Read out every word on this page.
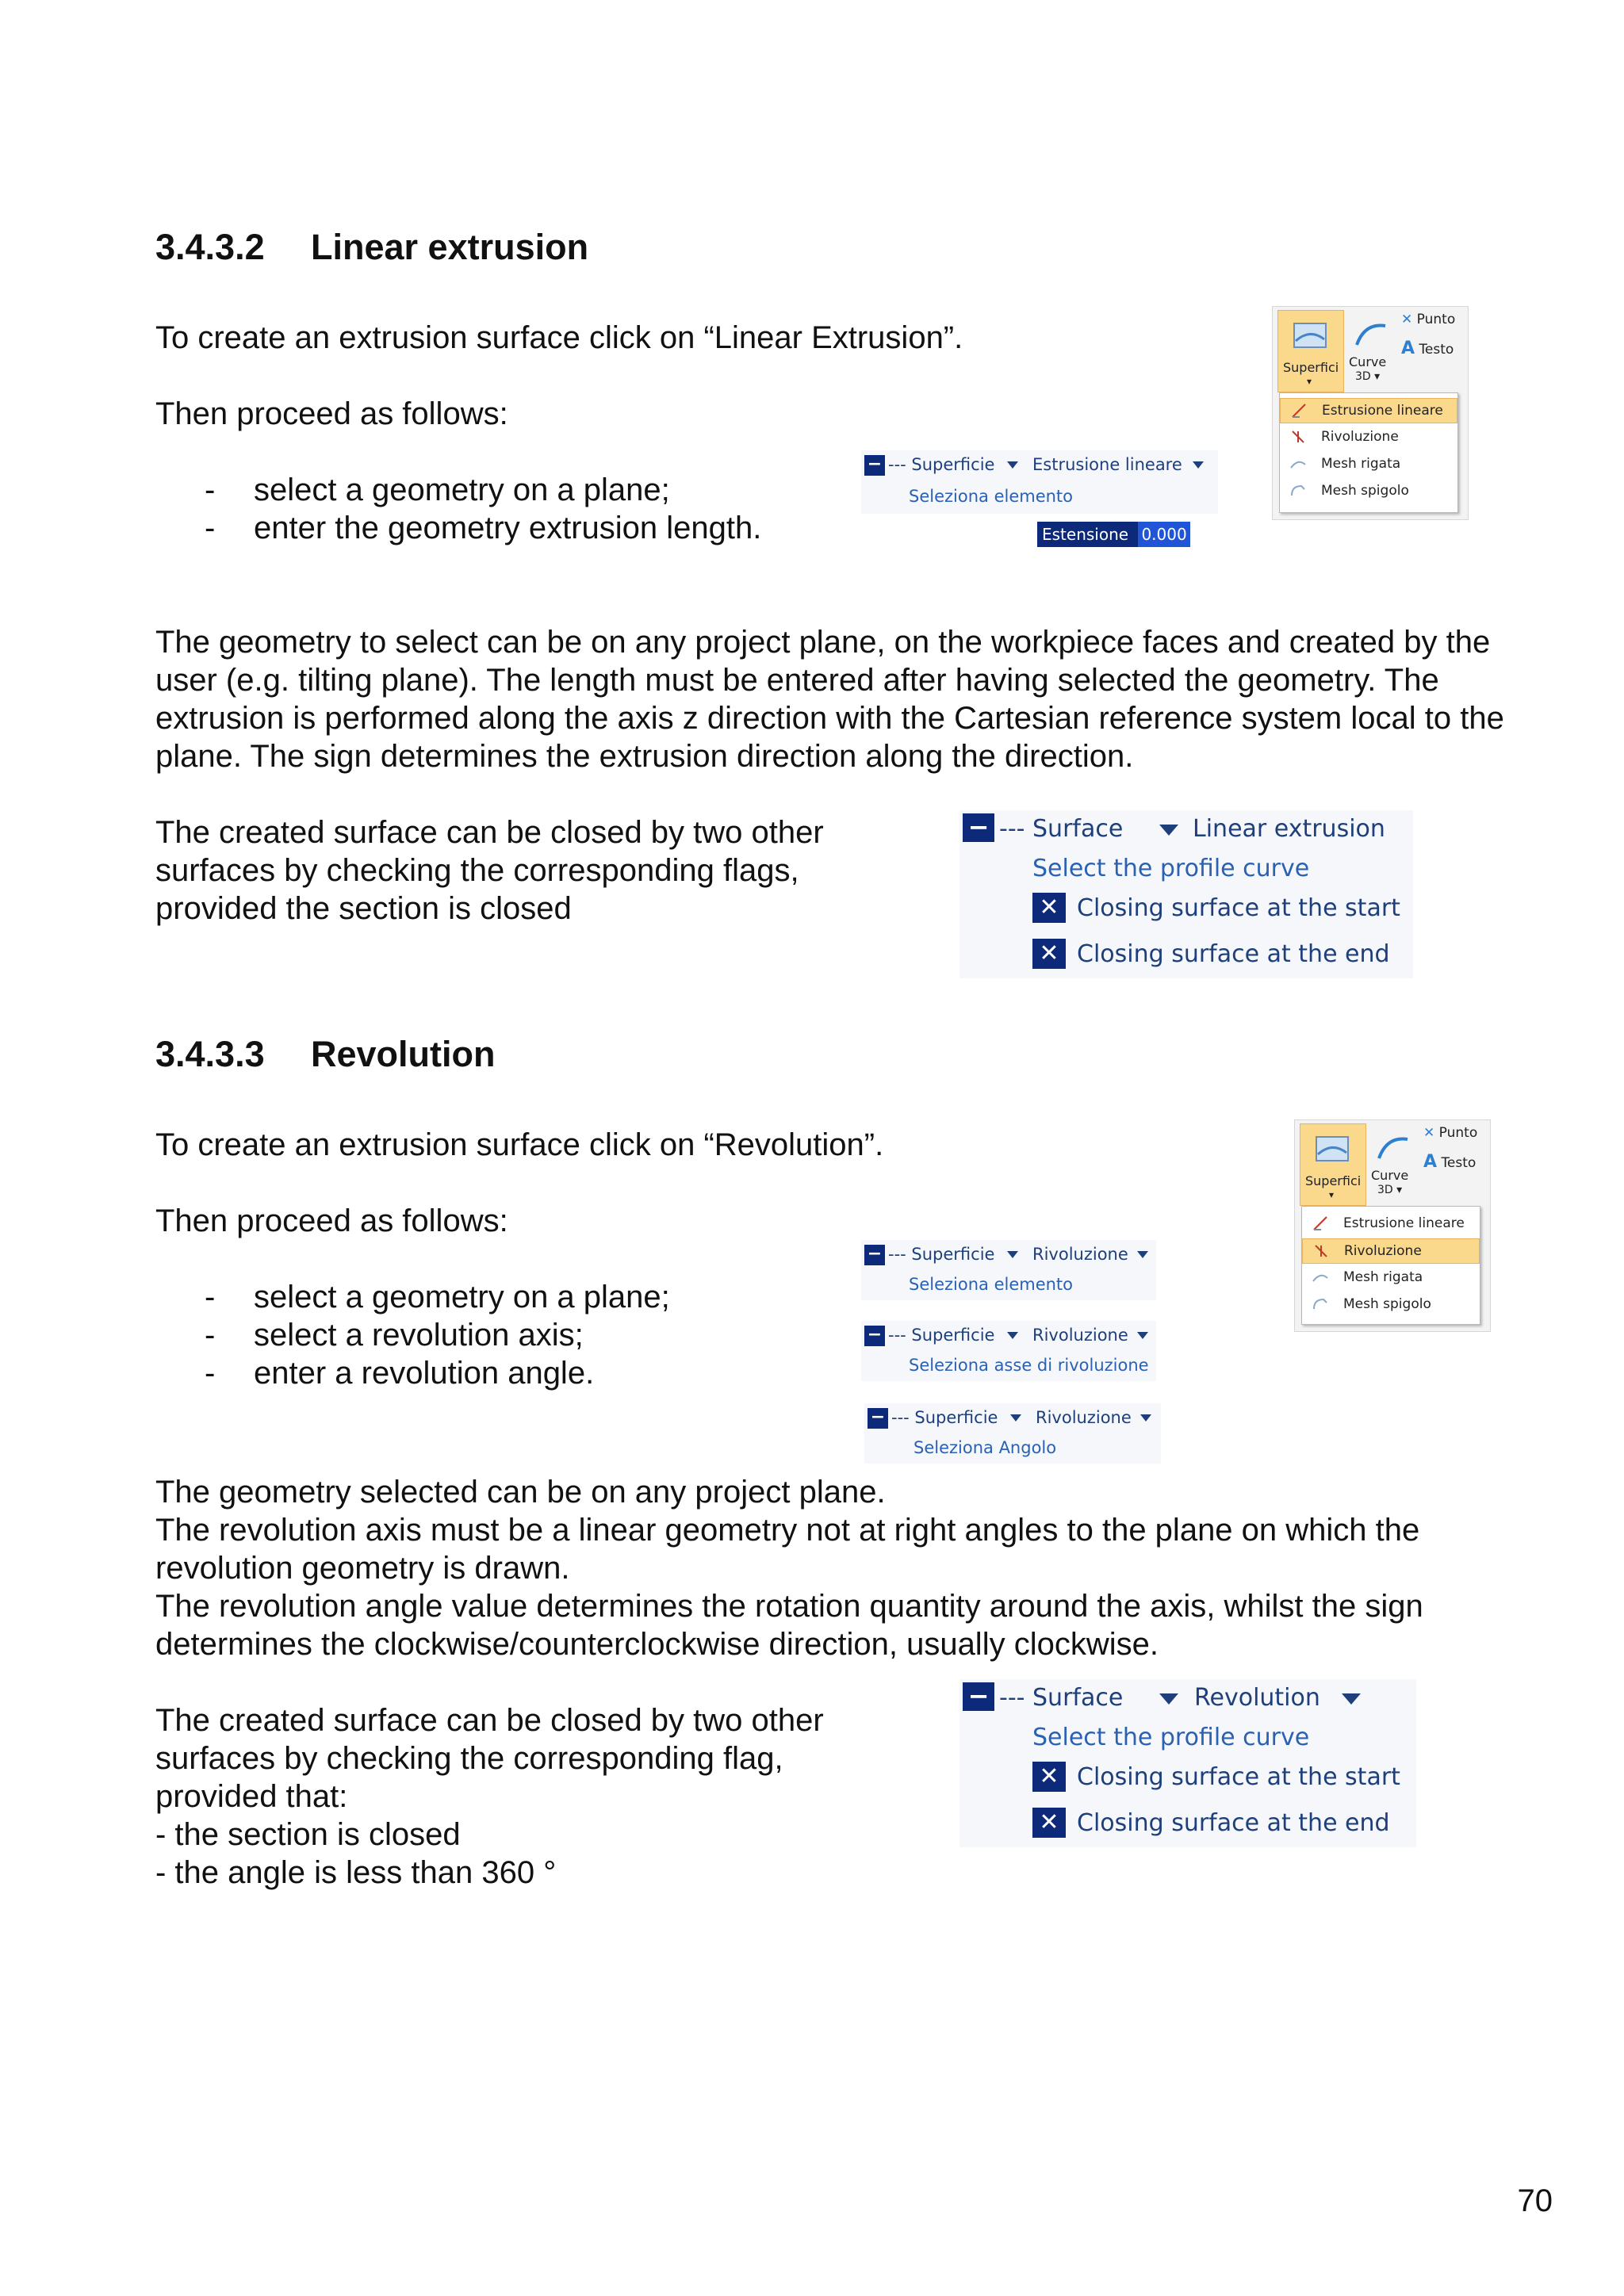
3.4.3.2 Linear extrusion
To create an extrusion surface click on “Linear Extrusion”.
Then proceed as follows:
- select a geometry on a plane;
- enter the geometry extrusion length.
− --- Superficie Estrusione lineare
Seleziona elemento
Estensione 0.000
Superfici
▾
Curve
3D ▾
✕ Punto
A Testo
Estrusione lineare
Rivoluzione
Mesh rigata
Mesh spigolo
The geometry to select can be on any project plane, on the workpiece faces and created by the
user (e.g. tilting plane). The length must be entered after having selected the geometry. The
extrusion is performed along the axis z direction with the Cartesian reference system local to the
plane. The sign determines the extrusion direction along the direction.
The created surface can be closed by two other
surfaces by checking the corresponding flags,
provided the section is closed
− --- Surface	Linear extrusion
Select the profile curve
✕ Closing surface at the start
✕ Closing surface at the end
3.4.3.3 Revolution
To create an extrusion surface click on “Revolution”.
Then proceed as follows:
- select a geometry on a plane;
- select a revolution axis;
- enter a revolution angle.
− --- Superficie Rivoluzione
Seleziona elemento
− --- Superficie Rivoluzione
Seleziona asse di rivoluzione
− --- Superficie Rivoluzione
Seleziona Angolo
Superfici
▾
Curve
3D ▾
✕ Punto
A Testo
Estrusione lineare
Rivoluzione
Mesh rigata
Mesh spigolo
The geometry selected can be on any project plane.
The revolution axis must be a linear geometry not at right angles to the plane on which the
revolution geometry is drawn.
The revolution angle value determines the rotation quantity around the axis, whilst the sign
determines the clockwise/counterclockwise direction, usually clockwise.
The created surface can be closed by two other
surfaces by checking the corresponding flag,
provided that:
- the section is closed
- the angle is less than 360 °
− --- Surface	Revolution
Select the profile curve
✕ Closing surface at the start
✕ Closing surface at the end
70
